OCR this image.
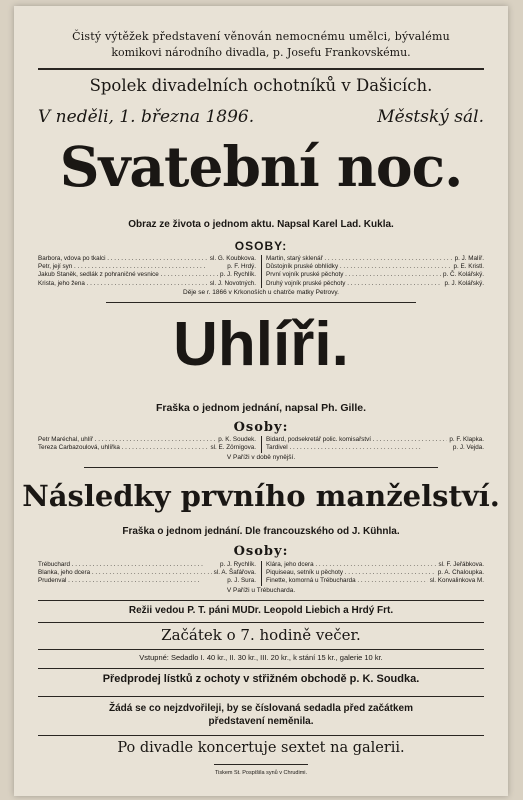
Čistý výtěžek představení věnován nemocnému umělci, bývalému
komikovi národního divadla, p. Josefu Frankovskému.
Spolek divadelních ochotníků v Dašicích.
V neděli, 1. března 1896.	Městský sál.
Svatební noc.
Obraz ze života o jednom aktu. Napsal Karel Lad. Kukla.
OSOBY:
Barbora, vdova po tkalci . . .	sl. G. Koubkova.
Petr, její syn . . .	p. F. Hrdý.
Jakub Staněk, sedlák z pohraničné vesnice . . .	p. J. Rychlík.
Krista, jeho žena . . .	sl. J. Novotných.
Martin, starý sklenář . . .	p. J. Malíř.
Důstojník pruské obhlídky . . .	p. E. Kristl.
První vojník pruské pěchoty . . .	p. Č. Kolářský.
Druhý vojník pruské pěchoty . . .	p. J. Kolářský.
Děje se r. 1866 v Krkonoších u chatrče matky Petrovy.
Uhlíři.
Fraška o jednom jednání, napsal Ph. Gille.
Osoby:
Petr Maréchal, uhlíř . . .	p. K. Soudek.
Tereza Carbazoulová, uhlířka . . .	sl. E. Zörnigova.
Bidard, podsekretář polic. komisařství . . .	p. F. Klapka.
Tardivel . . .	p. J. Vejda.
V Paříži v době nynější.
Následky prvního manželství.
Fraška o jednom jednání. Dle francouzského od J. Kühnla.
Osoby:
Trébuchard . . .	p. J. Rychlík.
Blanka, jeho dcera . . .	sl. A. Šafářova.
Prudenval . . .	p. J. Sura.
Klára, jeho dcera . . .	sl. F. Jeřábkova.
Piquiseau, setník u pěchoty . . .	p. A. Chaloupka.
Finette, komorná u Trébucharda . . .	sl. Konvalinkova M.
V Paříži u Trébucharda.
Režii vedou P. T. páni MUDr. Leopold Liebich a Hrdý Frt.
Začátek o 7. hodině večer.
Vstupné: Sedadlo I. 40 kr., II. 30 kr., III. 20 kr., k stání 15 kr., galerie 10 kr.
Předprodej lístků z ochoty v střižném obchodě p. K. Soudka.
Žádá se co nejzdvořileji, by se číslovaná sedadla před začátkem
představení neměnila.
Po divadle koncertuje sextet na galerii.
Tiskem St. Pospíšila synů v Chrudimi.
